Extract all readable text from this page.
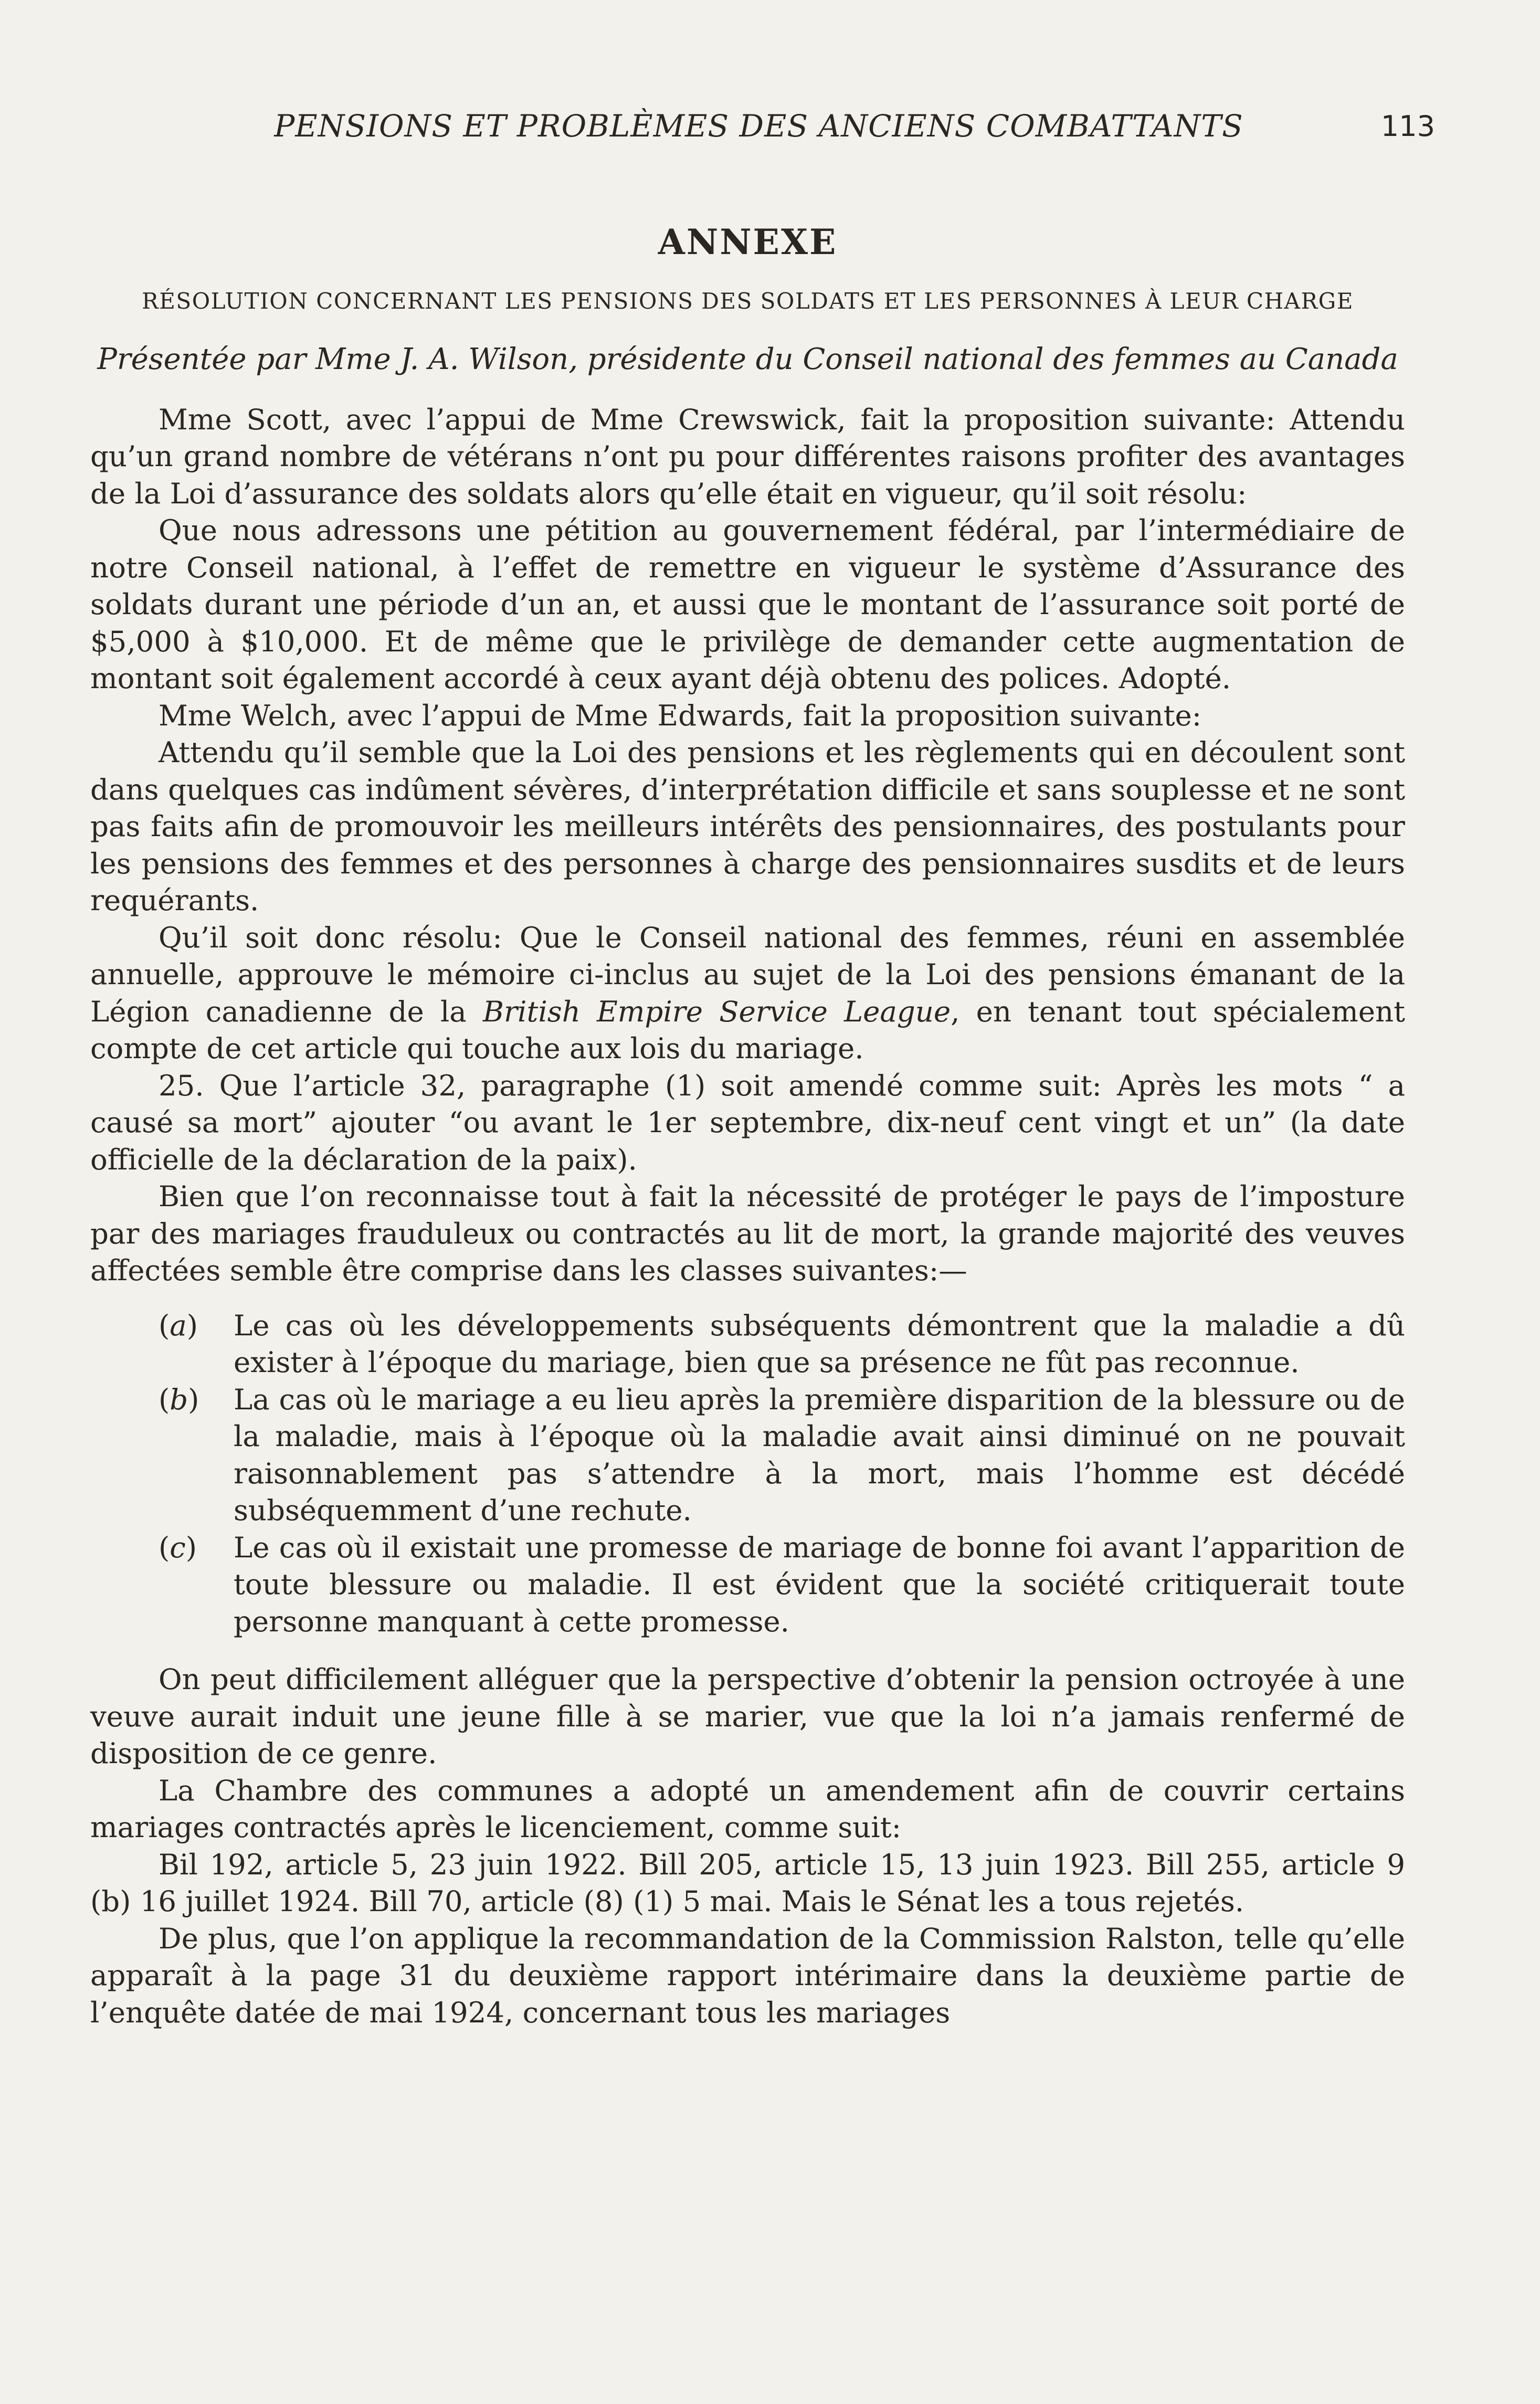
PENSIONS ET PROBLÈMES DES ANCIENS COMBATTANTS	113
ANNEXE
RÉSOLUTION CONCERNANT LES PENSIONS DES SOLDATS ET LES PERSONNES À LEUR CHARGE
Présentée par Mme J. A. Wilson, présidente du Conseil national des femmes au Canada

Mme Scott, avec l’appui de Mme Crewswick, fait la proposition suivante: Attendu qu’un grand nombre de vétérans n’ont pu pour différentes raisons profiter des avantages de la Loi d’assurance des soldats alors qu’elle était en vigueur, qu’il soit résolu:

Que nous adressons une pétition au gouvernement fédéral, par l’intermédiaire de notre Conseil national, à l’effet de remettre en vigueur le système d’Assurance des soldats durant une période d’un an, et aussi que le montant de l’assurance soit porté de $5,000 à $10,000. Et de même que le privilège de demander cette augmentation de montant soit également accordé à ceux ayant déjà obtenu des polices. Adopté.

Mme Welch, avec l’appui de Mme Edwards, fait la proposition suivante:

Attendu qu’il semble que la Loi des pensions et les règlements qui en découlent sont dans quelques cas indûment sévères, d’interprétation difficile et sans souplesse et ne sont pas faits afin de promouvoir les meilleurs intérêts des pensionnaires, des postulants pour les pensions des femmes et des personnes à charge des pensionnaires susdits et de leurs requérants.

Qu’il soit donc résolu: Que le Conseil national des femmes, réuni en assemblée annuelle, approuve le mémoire ci-inclus au sujet de la Loi des pensions émanant de la Légion canadienne de la British Empire Service League, en tenant tout spécialement compte de cet article qui touche aux lois du mariage.

25. Que l’article 32, paragraphe (1) soit amendé comme suit: Après les mots “ a causé sa mort” ajouter “ou avant le 1er septembre, dix-neuf cent vingt et un” (la date officielle de la déclaration de la paix).

Bien que l’on reconnaisse tout à fait la nécessité de protéger le pays de l’imposture par des mariages frauduleux ou contractés au lit de mort, la grande majorité des veuves affectées semble être comprise dans les classes suivantes:—

(a)	Le cas où les développements subséquents démontrent que la maladie a dû exister à l’époque du mariage, bien que sa présence ne fût pas reconnue.
(b)	La cas où le mariage a eu lieu après la première disparition de la blessure ou de la maladie, mais à l’époque où la maladie avait ainsi diminué on ne pouvait raisonnablement pas s’attendre à la mort, mais l’homme est décédé subséquemment d’une rechute.
(c)	Le cas où il existait une promesse de mariage de bonne foi avant l’apparition de toute blessure ou maladie. Il est évident que la société critiquerait toute personne manquant à cette promesse.

On peut difficilement alléguer que la perspective d’obtenir la pension octroyée à une veuve aurait induit une jeune fille à se marier, vue que la loi n’a jamais renfermé de disposition de ce genre.

La Chambre des communes a adopté un amendement afin de couvrir certains mariages contractés après le licenciement, comme suit:

Bil 192, article 5, 23 juin 1922. Bill 205, article 15, 13 juin 1923. Bill 255, article 9 (b) 16 juillet 1924. Bill 70, article (8) (1) 5 mai. Mais le Sénat les a tous rejetés.

De plus, que l’on applique la recommandation de la Commission Ralston, telle qu’elle apparaît à la page 31 du deuxième rapport intérimaire dans la deuxième partie de l’enquête datée de mai 1924, concernant tous les mariages
